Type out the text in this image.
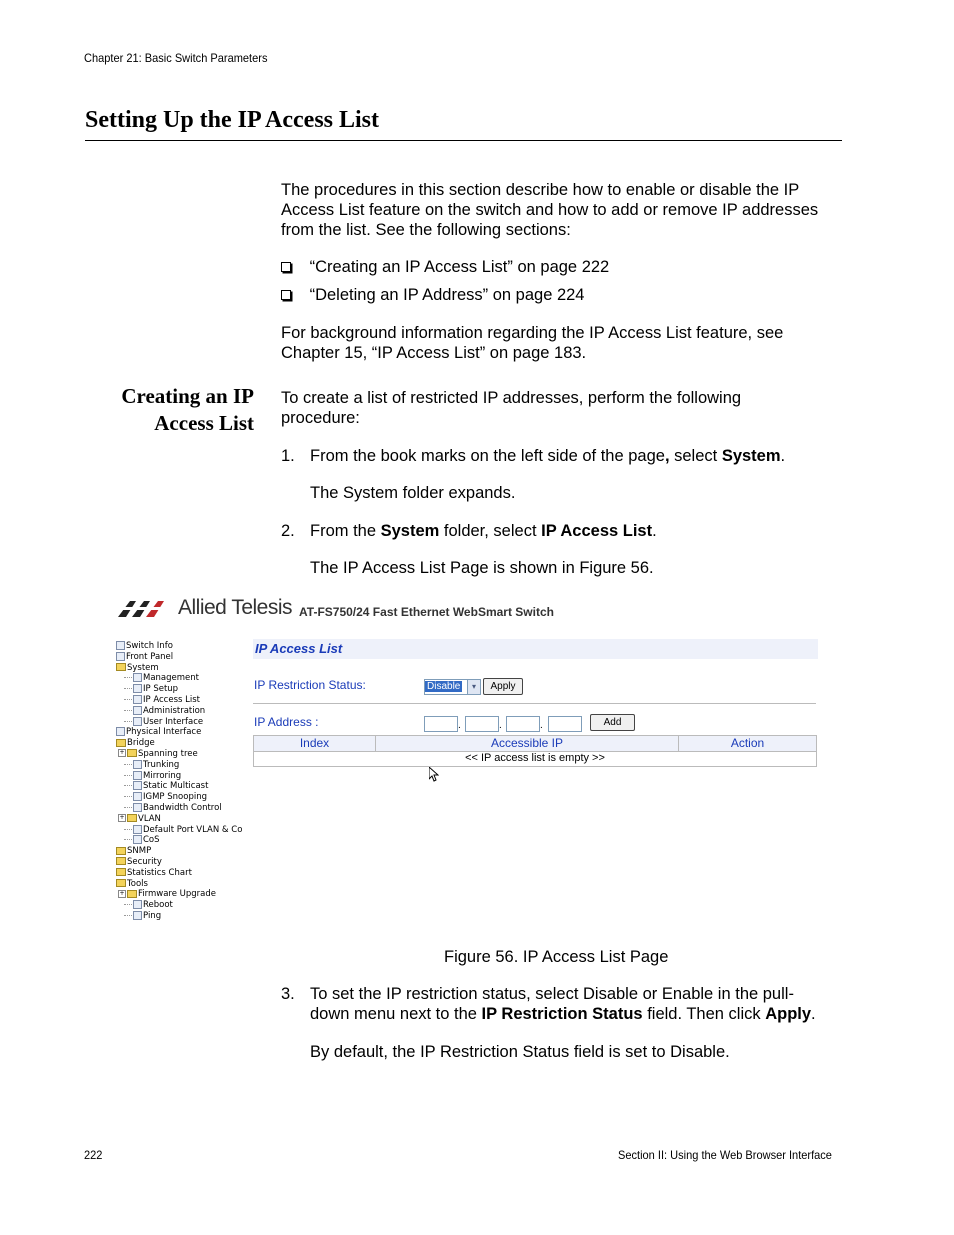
Chapter 21: Basic Switch Parameters
Setting Up the IP Access List
The procedures in this section describe how to enable or disable the IP
Access List feature on the switch and how to add or remove IP addresses
from the list. See the following sections:
“Creating an IP Access List” on page 222
“Deleting an IP Address” on page 224
For background information regarding the IP Access List feature, see
Chapter 15, “IP Access List” on page 183.
Creating an IP
Access List
To create a list of restricted IP addresses, perform the following
procedure:
1. From the book marks on the left side of the page, select System.
The System folder expands.
2. From the System folder, select IP Access List.
The IP Access List Page is shown in Figure 56.
Allied Telesis AT-FS750/24 Fast Ethernet WebSmart Switch
Switch Info
Front Panel
System
Management
IP Setup
IP Access List
Administration
User Interface
Physical Interface
Bridge
+ Spanning tree
Trunking
Mirroring
Static Multicast
IGMP Snooping
Bandwidth Control
+ VLAN
Default Port VLAN & Co
CoS
SNMP
Security
Statistics Chart
Tools
+ Firmware Upgrade
Reboot
Ping
IP Access List
IP Restriction Status:	Disable	▾	Apply
IP Address :	.	.	.	Add
Index	Accessible IP	Action
<< IP access list is empty >>
Figure 56. IP Access List Page
3. To set the IP restriction status, select Disable or Enable in the pull-
down menu next to the IP Restriction Status field. Then click Apply.
By default, the IP Restriction Status field is set to Disable.
222	Section II: Using the Web Browser Interface
